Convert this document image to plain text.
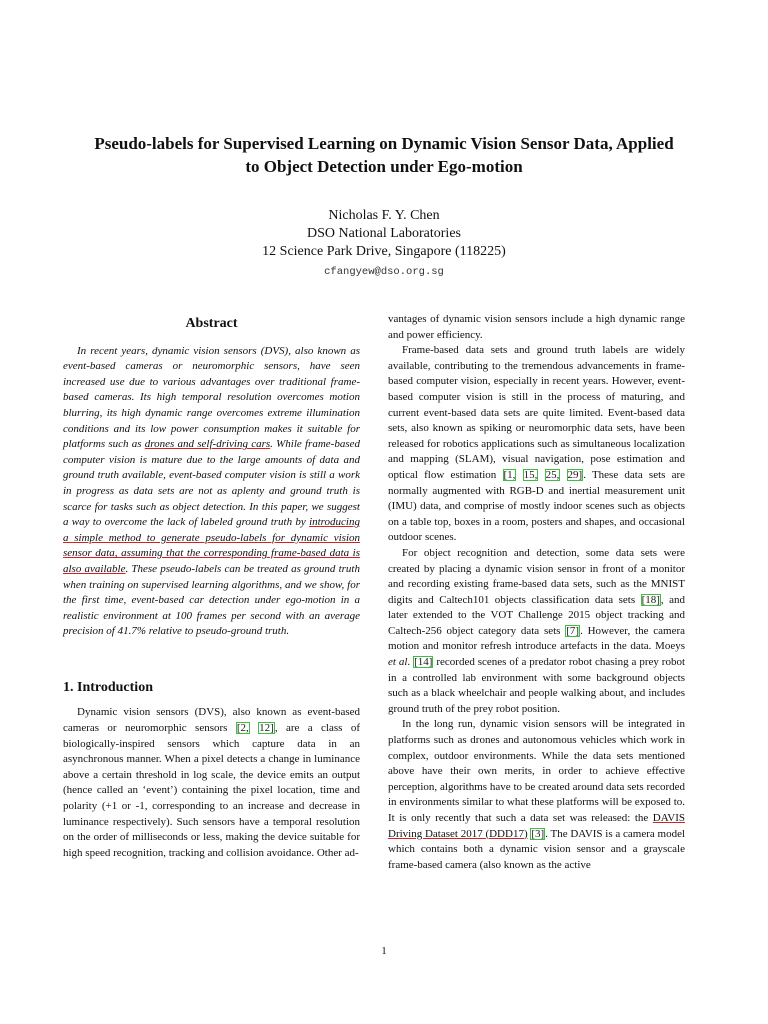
Pseudo-labels for Supervised Learning on Dynamic Vision Sensor Data, Applied
to Object Detection under Ego-motion
Nicholas F. Y. Chen
DSO National Laboratories
12 Science Park Drive, Singapore (118225)
cfangyew@dso.org.sg
Abstract

In recent years, dynamic vision sensors (DVS), also known as event-based cameras or neuromorphic sensors, have seen increased use due to various advantages over traditional frame-based cameras. Its high temporal resolution overcomes motion blurring, its high dynamic range overcomes extreme illumination conditions and its low power consumption makes it suitable for platforms such as drones and self-driving cars. While frame-based computer vision is mature due to the large amounts of data and ground truth available, event-based computer vision is still a work in progress as data sets are not as aplenty and ground truth is scarce for tasks such as object detection. In this paper, we suggest a way to overcome the lack of labeled ground truth by introducing a simple method to generate pseudo-labels for dynamic vision sensor data, assuming that the corresponding frame-based data is also available. These pseudo-labels can be treated as ground truth when training on supervised learning algorithms, and we show, for the first time, event-based car detection under ego-motion in a realistic environment at 100 frames per second with an average precision of 41.7% relative to pseudo-ground truth.

1. Introduction

Dynamic vision sensors (DVS), also known as event-based cameras or neuromorphic sensors [2, 12], are a class of biologically-inspired sensors which capture data in an asynchronous manner. When a pixel detects a change in luminance above a certain threshold in log scale, the device emits an output (hence called an ‘event’) containing the pixel location, time and polarity (+1 or -1, corresponding to an increase and decrease in luminance respectively). Such sensors have a temporal resolution on the order of milliseconds or less, making the device suitable for high speed recognition, tracking and collision avoidance. Other ad-

vantages of dynamic vision sensors include a high dynamic range and power efficiency.

Frame-based data sets and ground truth labels are widely available, contributing to the tremendous advancements in frame-based computer vision, especially in recent years. However, event-based computer vision is still in the process of maturing, and current event-based data sets are quite limited. Event-based data sets, also known as spiking or neuromorphic data sets, have been released for robotics applications such as simultaneous localization and mapping (SLAM), visual navigation, pose estimation and optical flow estimation [1, 15, 25, 29]. These data sets are normally augmented with RGB-D and inertial measurement unit (IMU) data, and comprise of mostly indoor scenes such as objects on a table top, boxes in a room, posters and shapes, and occasional outdoor scenes.

For object recognition and detection, some data sets were created by placing a dynamic vision sensor in front of a monitor and recording existing frame-based data sets, such as the MNIST digits and Caltech101 objects classification data sets [18], and later extended to the VOT Challenge 2015 object tracking and Caltech-256 object category data sets [7]. However, the camera motion and monitor refresh introduce artefacts in the data. Moeys et al. [14] recorded scenes of a predator robot chasing a prey robot in a controlled lab environment with some background objects such as a black wheelchair and people walking about, and includes ground truth of the prey robot position.

In the long run, dynamic vision sensors will be integrated in platforms such as drones and autonomous vehicles which work in complex, outdoor environments. While the data sets mentioned above have their own merits, in order to achieve effective perception, algorithms have to be created around data sets recorded in environments similar to what these platforms will be exposed to. It is only recently that such a data set was released: the DAVIS Driving Dataset 2017 (DDD17) [3]. The DAVIS is a camera model which contains both a dynamic vision sensor and a grayscale frame-based camera (also known as the active

1
